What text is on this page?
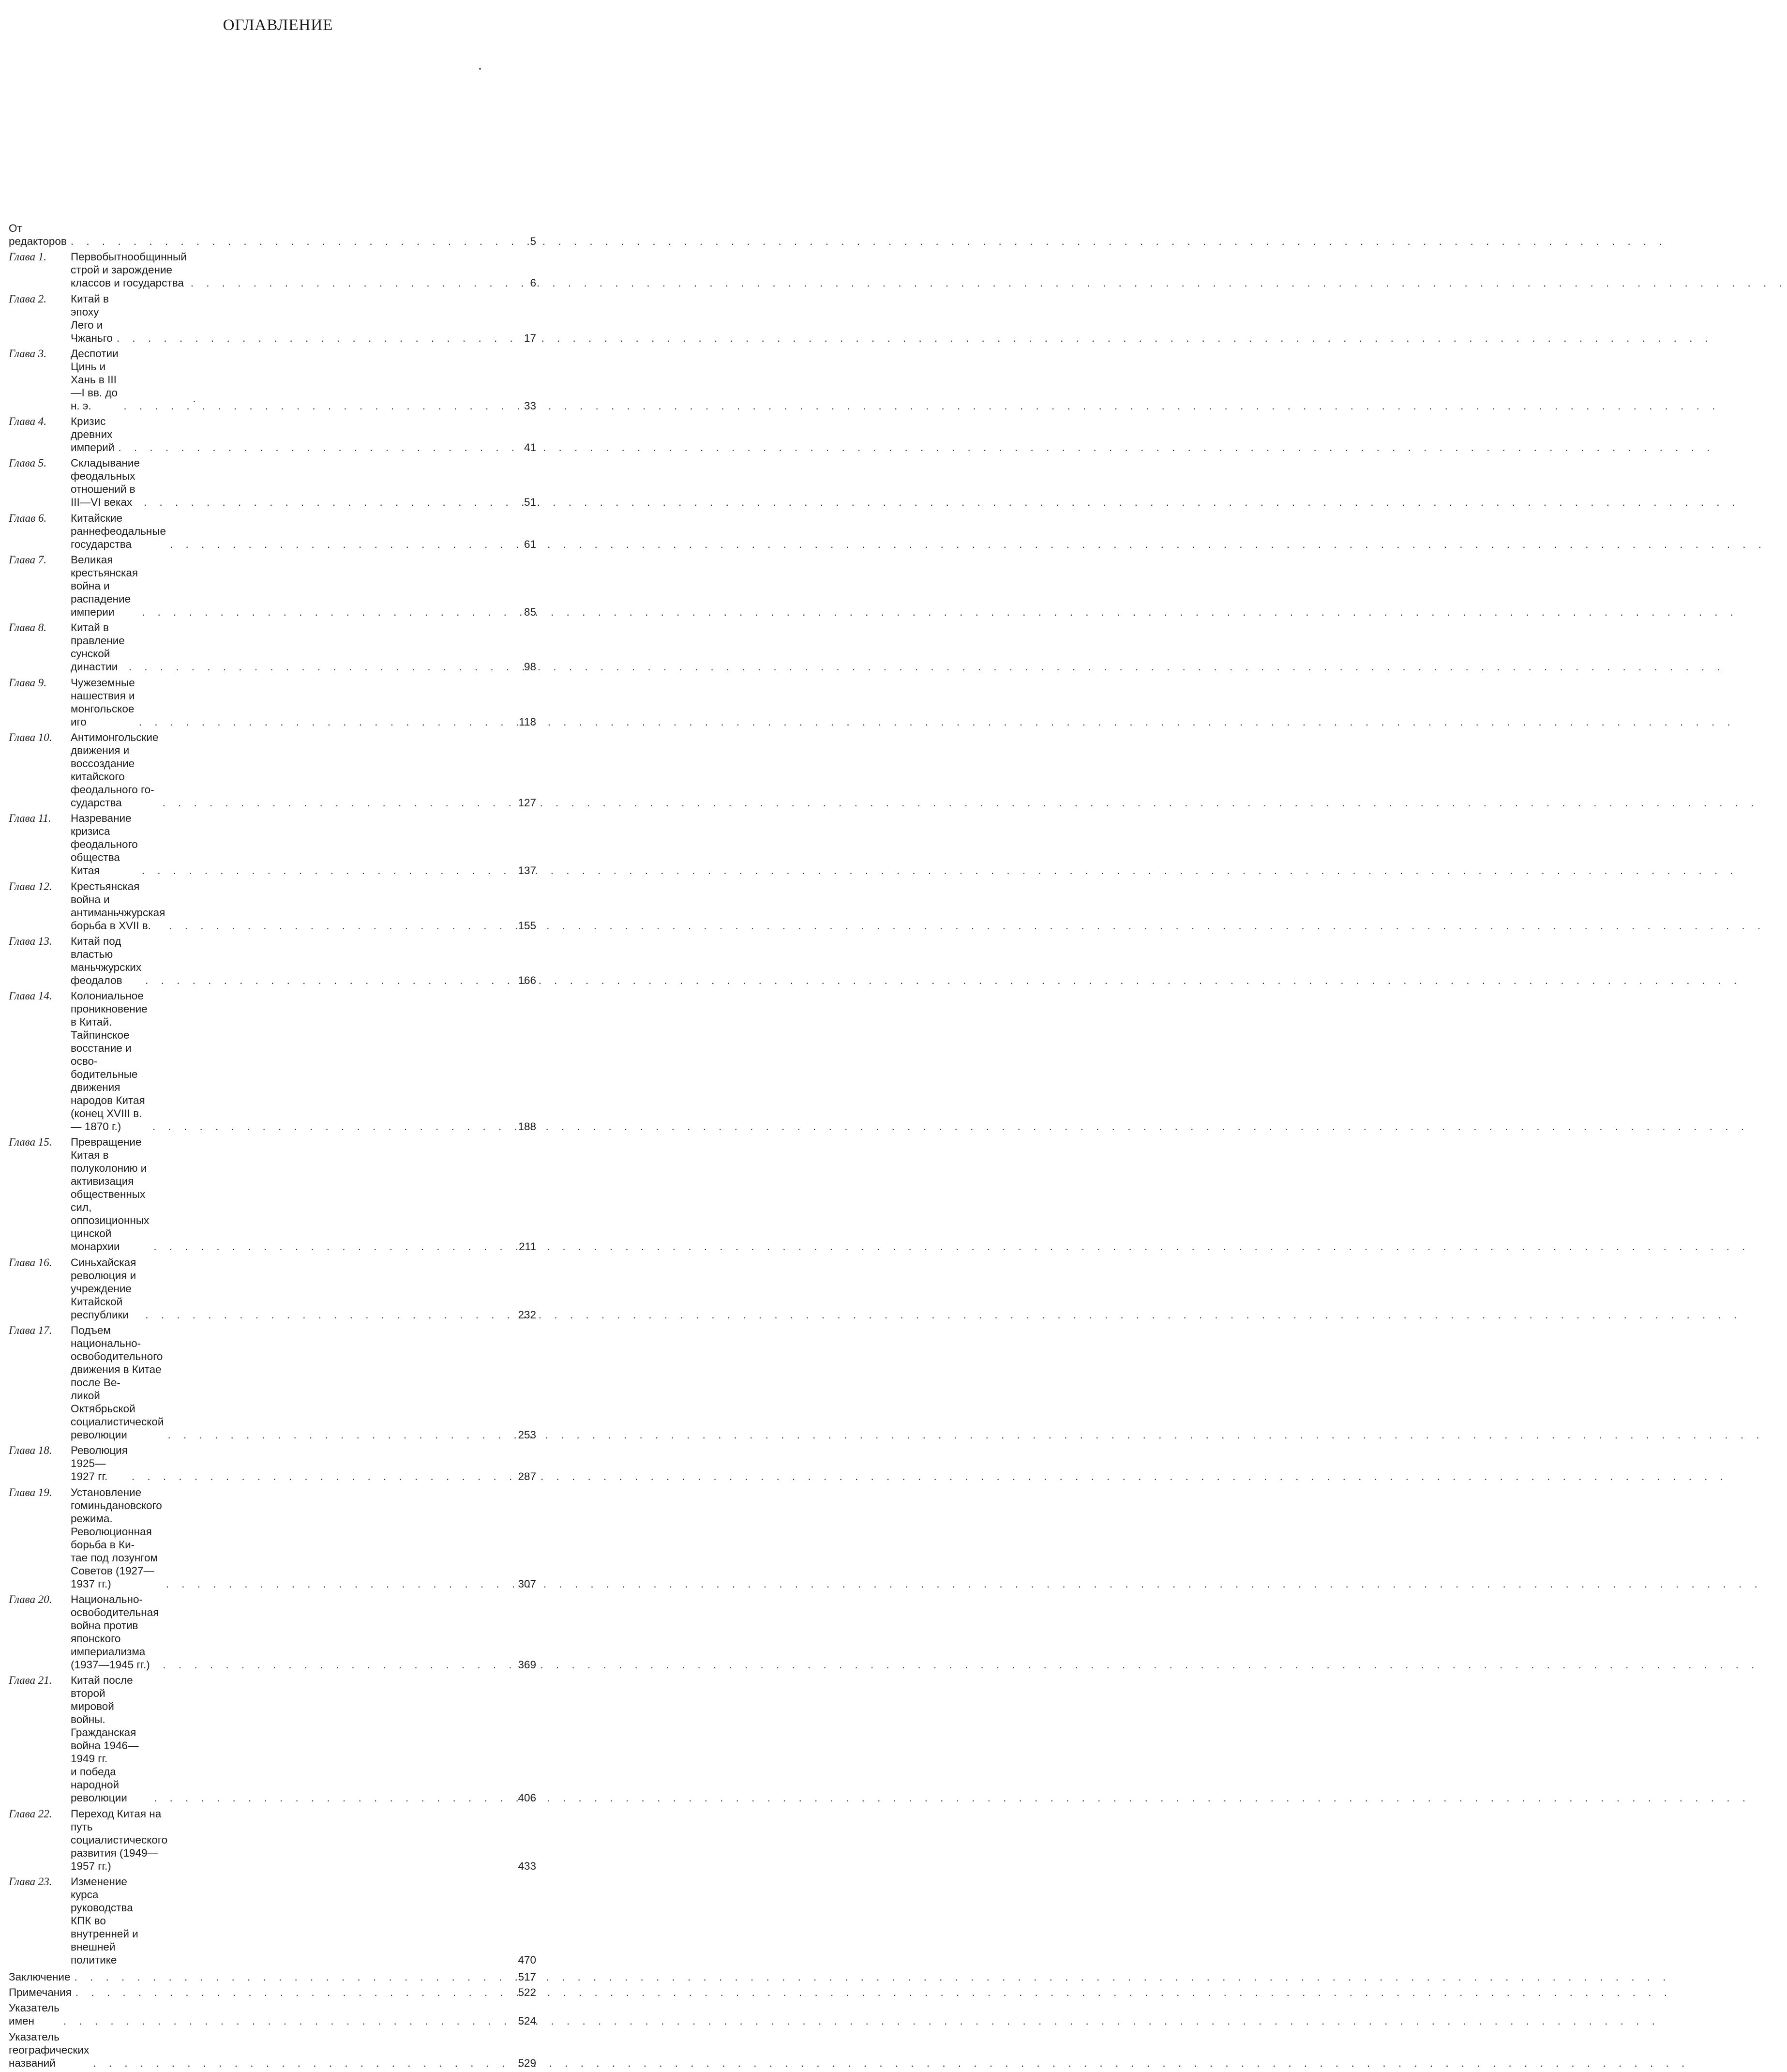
ОГЛАВЛЕНИЕ
От редакторов . . .	5
Глава 1.	Первобытнообщинный строй и зарождение классов и государства . . .	6
Глава 2.	Китай в эпоху Лего и Чжаньго . . .	17
Глава 3.	Деспотии Цинь и Хань в III—I вв. до н. э. . . .	33
Глава 4.	Кризис древних империй . . .	41
Глава 5.	Складывание феодальных отношений в III—VI веках . . .	51
Глаав 6.	Китайские раннефеодальные государства . . .	61
Глава 7.	Великая крестьянская война и распадение империи . . .	85
Глава 8.	Китай в правление сунской династии . . .	98
Глава 9.	Чужеземные нашествия и монгольское иго . . .	118
Глава 10.	Антимонгольские движения и воссоздание китайского феодального го-
сударства . . .	127
Глава 11.	Назревание кризиса феодального общества Китая . . .	137
Глава 12.	Крестьянская война и антиманьчжурская борьба в XVII в. . . .	155
Глава 13.	Китай под властью маньчжурских феодалов . . .	166
Глава 14.	Колониальное проникновение в Китай. Тайпинское восстание и осво-
бодительные движения народов Китая (конец XVIII в. — 1870 г.) . . .	188
Глава 15.	Превращение Китая в полуколонию и активизация общественных сил,
оппозиционных цинской монархии . . .	211
Глава 16.	Синьхайская революция и учреждение Китайской республики . . .	232
Глава 17.	Подъем национально-освободительного движения в Китае после Ве-
ликой Октябрьской социалистической революции . . .	253
Глава 18.	Революция 1925—1927 гг. . . .	287
Глава 19.	Установление гоминьдановского режима. Революционная борьба в Ки-
тае под лозунгом Советов (1927—1937 гг.) . . .	307
Глава 20.	Национально-освободительная война против японского империализма
(1937—1945 гг.) . . .	369
Глава 21.	Китай после второй мировой войны. Гражданская война 1946—1949 гг.
и победа народной революции . . .	406
Глава 22.	Переход Китая на путь социалистического развития (1949—1957 гг.)	433
Глава 23.	Изменение курса руководства КПК во внутренней и внешней политике	470
Заключение . . .	517
Примечания . . .	522
Указатель имен . . .	524
Указатель географических названий . . .	529
